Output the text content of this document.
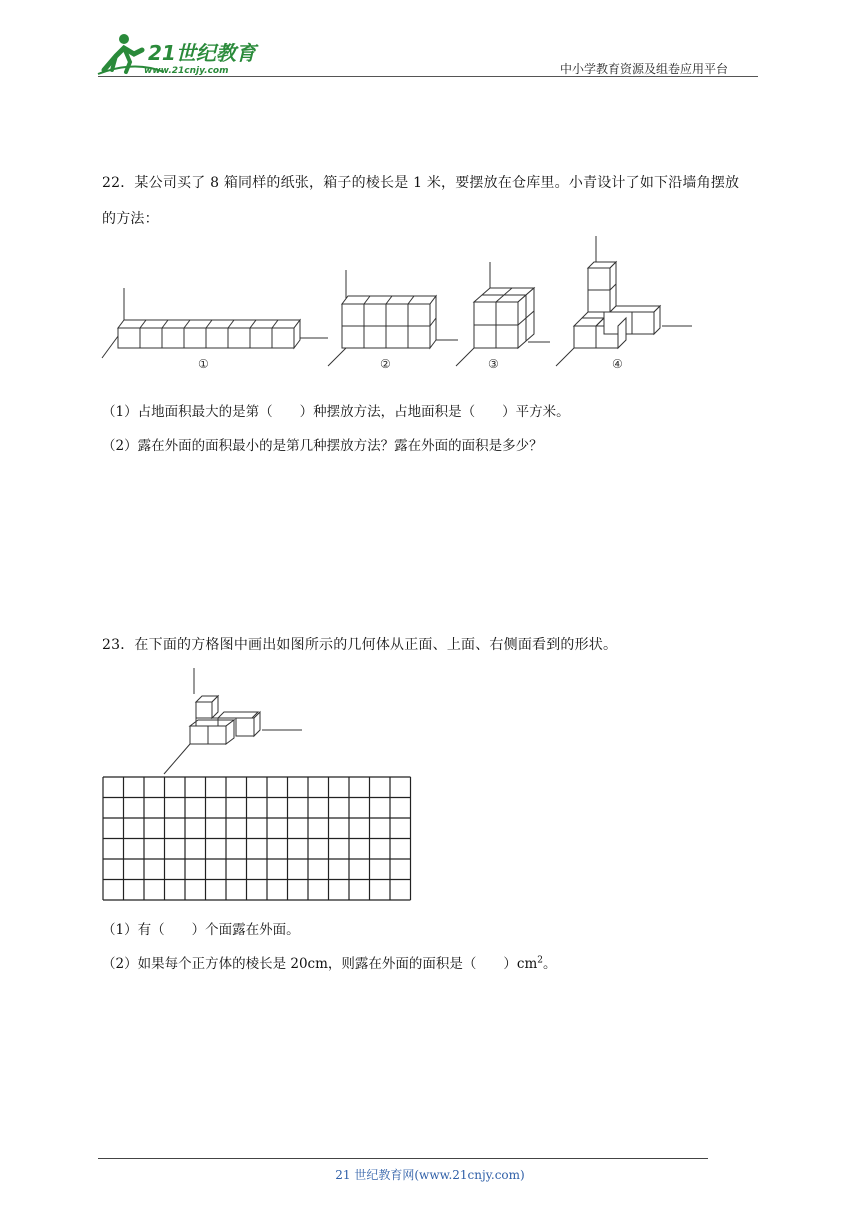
21世纪教育
www.21cnjy.com	中小学教育资源及组卷应用平台
22．某公司买了 8 箱同样的纸张，箱子的棱长是 1 米，要摆放在仓库里。小青设计了如下沿墙角摆放
的方法：
①	②	③	④
（1）占地面积最大的是第（　　）种摆放方法，占地面积是（　　）平方米。
（2）露在外面的面积最小的是第几种摆放方法？露在外面的面积是多少？
23．在下面的方格图中画出如图所示的几何体从正面、上面、右侧面看到的形状。
（1）有（　　）个面露在外面。
（2）如果每个正方体的棱长是 20cm，则露在外面的面积是（　　）$cm^2$。
21 世纪教育网(www.21cnjy.com)
